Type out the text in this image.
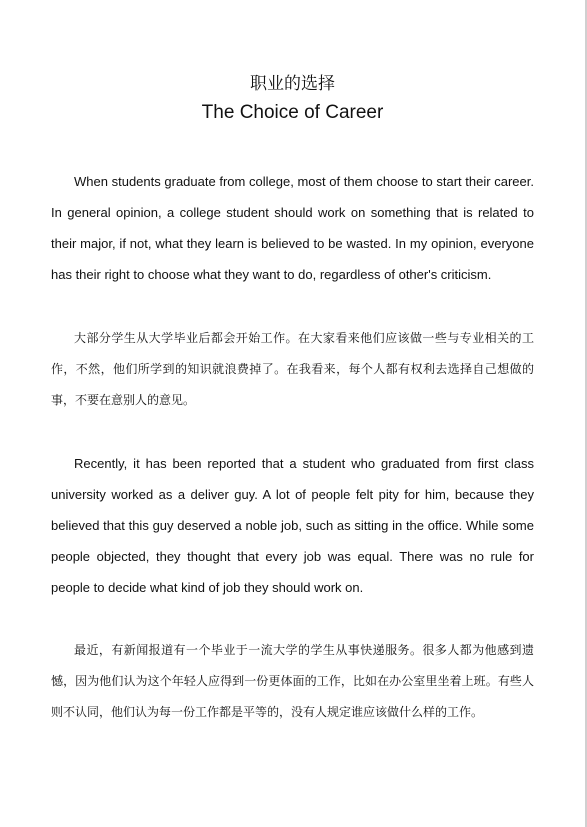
职业的选择
The Choice of Career

When students graduate from college, most of them choose to start their career. In general opinion, a college student should work on something that is related to their major, if not, what they learn is believed to be wasted. In my opinion, everyone has their right to choose what they want to do, regardless of other's criticism.

大部分学生从大学毕业后都会开始工作。在大家看来他们应该做一些与专业相关的工作，不然，他们所学到的知识就浪费掉了。在我看来，每个人都有权利去选择自己想做的事，不要在意别人的意见。

Recently, it has been reported that a student who graduated from first class university worked as a deliver guy. A lot of people felt pity for him, because they believed that this guy deserved a noble job, such as sitting in the office. While some people objected, they thought that every job was equal. There was no rule for people to decide what kind of job they should work on.

最近，有新闻报道有一个毕业于一流大学的学生从事快递服务。很多人都为他感到遗憾，因为他们认为这个年轻人应得到一份更体面的工作，比如在办公室里坐着上班。有些人则不认同，他们认为每一份工作都是平等的，没有人规定谁应该做什么样的工作。
